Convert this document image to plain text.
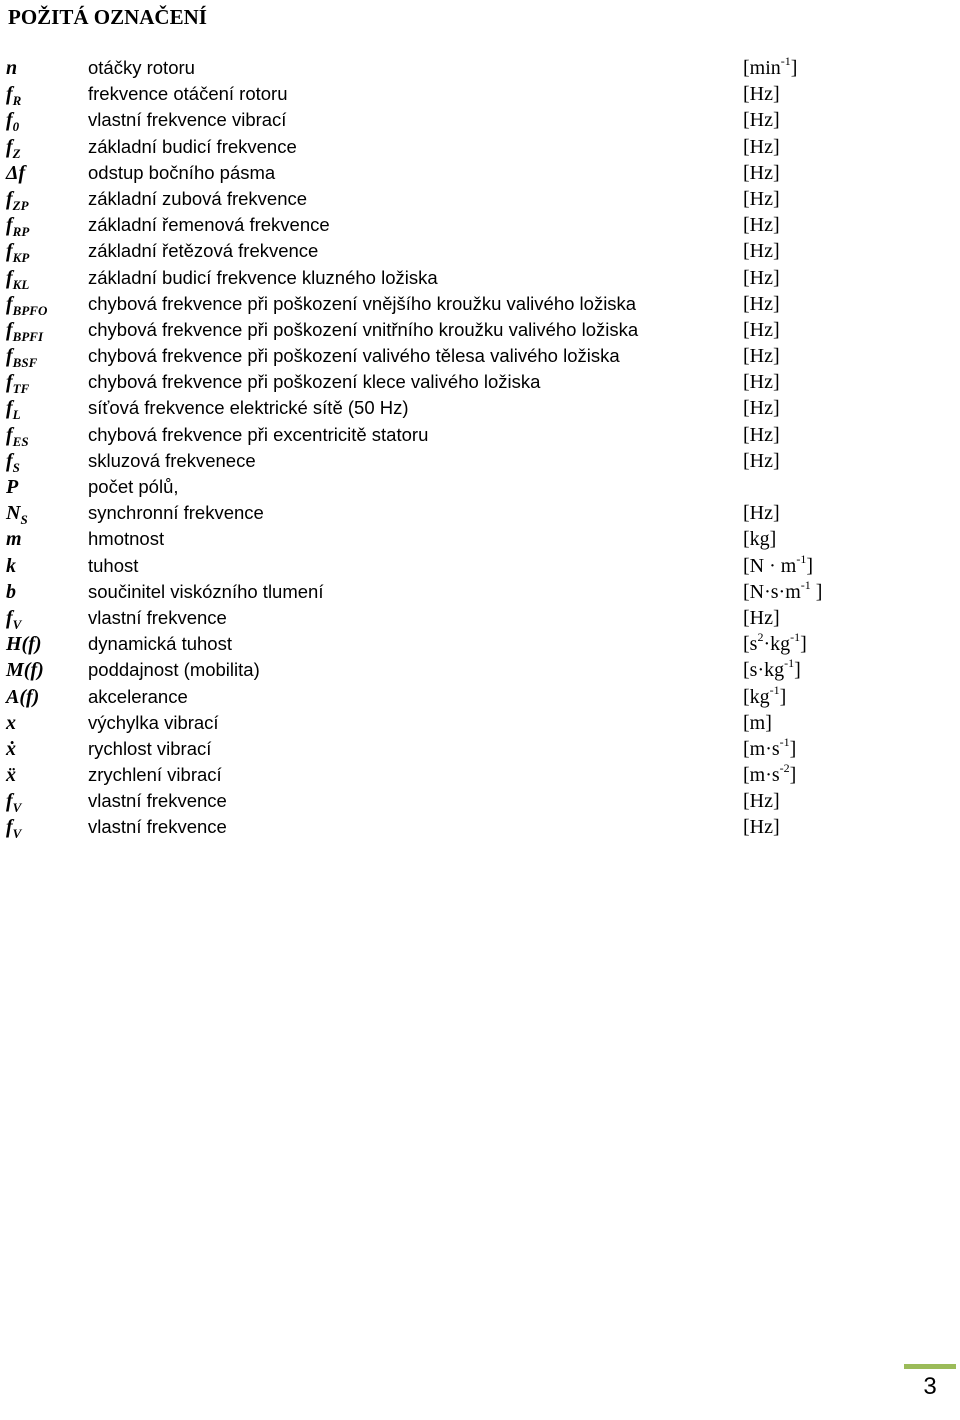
POŽITÁ OZNAČENÍ
n	otáčky rotoru	$[\min^{-1}]$
$f_R$	frekvence otáčení rotoru	[Hz]
$f_0$	vlastní frekvence vibrací	[Hz]
$f_Z$	základní budicí frekvence	[Hz]
Δf	odstup bočního pásma	[Hz]
$f_{ZP}$	základní zubová frekvence	[Hz]
$f_{RP}$	základní řemenová frekvence	[Hz]
$f_{KP}$	základní řetězová frekvence	[Hz]
$f_{KL}$	základní budicí frekvence kluzného ložiska	[Hz]
$f_{BPFO}$ chybová frekvence při poškození vnějšího kroužku valivého ložiska	[Hz]
$f_{BPFI}$ chybová frekvence při poškození vnitřního kroužku valivého ložiska	[Hz]
$f_{BSF}$	chybová frekvence při poškození valivého tělesa valivého ložiska	[Hz]
$f_{TF}$	chybová frekvence při poškození klece valivého ložiska	[Hz]
$f_L$	síťová frekvence elektrické sítě (50 Hz)	[Hz]
$f_{ES}$	chybová frekvence při excentricitě statoru	[Hz]
$f_S$	skluzová frekvenece	[Hz]
P	počet pólů,
$N_S$	synchronní frekvence	[Hz]
m	hmotnost	[kg]
k	tuhost	$[N \cdot m^{-1}]$
b	součinitel viskózního tlumení	[$N\cdot s\cdot m^{-1}$ ]
$f_V$	vlastní frekvence	[Hz]
H(f)	dynamická tuhost	$[s^2\cdot kg^{-1}]$
M(f) poddajnost (mobilita)	$[s\cdot kg^{-1}]$
A(f)	akcelerance	$[kg^{-1}]$
x	výchylka vibrací	[m]
ẋ	rychlost vibrací	$[m\cdot s^{-1}]$
ẍ	zrychlení vibrací	$[m\cdot s^{-2}]$
$f_V$	vlastní frekvence	[Hz]
$f_V$	vlastní frekvence	[Hz]
3
